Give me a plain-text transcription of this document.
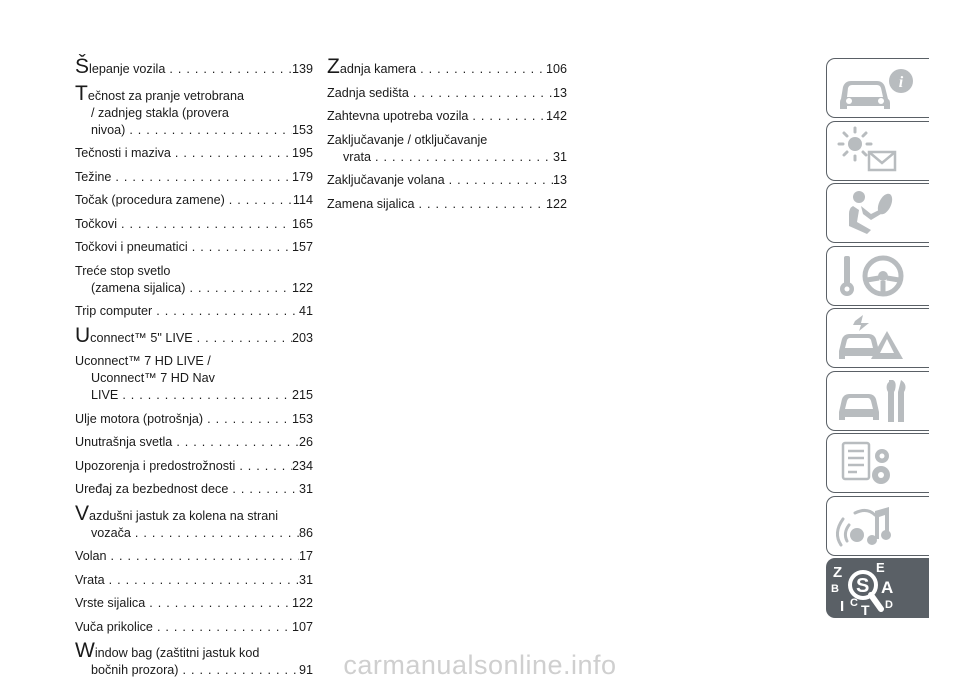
Šlepanje vozila . . .	139
Tečnost za pranje vetrobrana
/ zadnjeg stakla (provera
nivoa) . . .	153
Tečnosti i maziva . . .	195
Težine . . .	179
Točak (procedura zamene) . . .	114
Točkovi . . .	165
Točkovi i pneumatici . . .	157
Treće stop svetlo
(zamena sijalica) . . .	122
Trip computer . . .	41
Uconnect™ 5" LIVE . . .	203
Uconnect™ 7 HD LIVE /
Uconnect™ 7 HD Nav
LIVE . . .	215
Ulje motora (potrošnja) . . .	153
Unutrašnja svetla . . .	26
Upozorenja i predostrožnosti . . .	234
Uređaj za bezbednost dece . . .	31
Vazdušni jastuk za kolena na strani
vozača . . .	86
Volan . . .	17
Vrata . . .	31
Vrste sijalica . . .	122
Vuča prikolice . . .	107
Window bag (zaštitni jastuk kod
bočnih prozora) . . .	91
Zadnja kamera . . .	106
Zadnja sedišta . . .	13
Zahtevna upotreba vozila . . .	142
Zaključavanje / otključavanje
vrata . . .	31
Zaključavanje volana . . .	13
Zamena sijalica . . .	122
i
Z	E
B A
C D
I T
S
carmanualsonline.info
